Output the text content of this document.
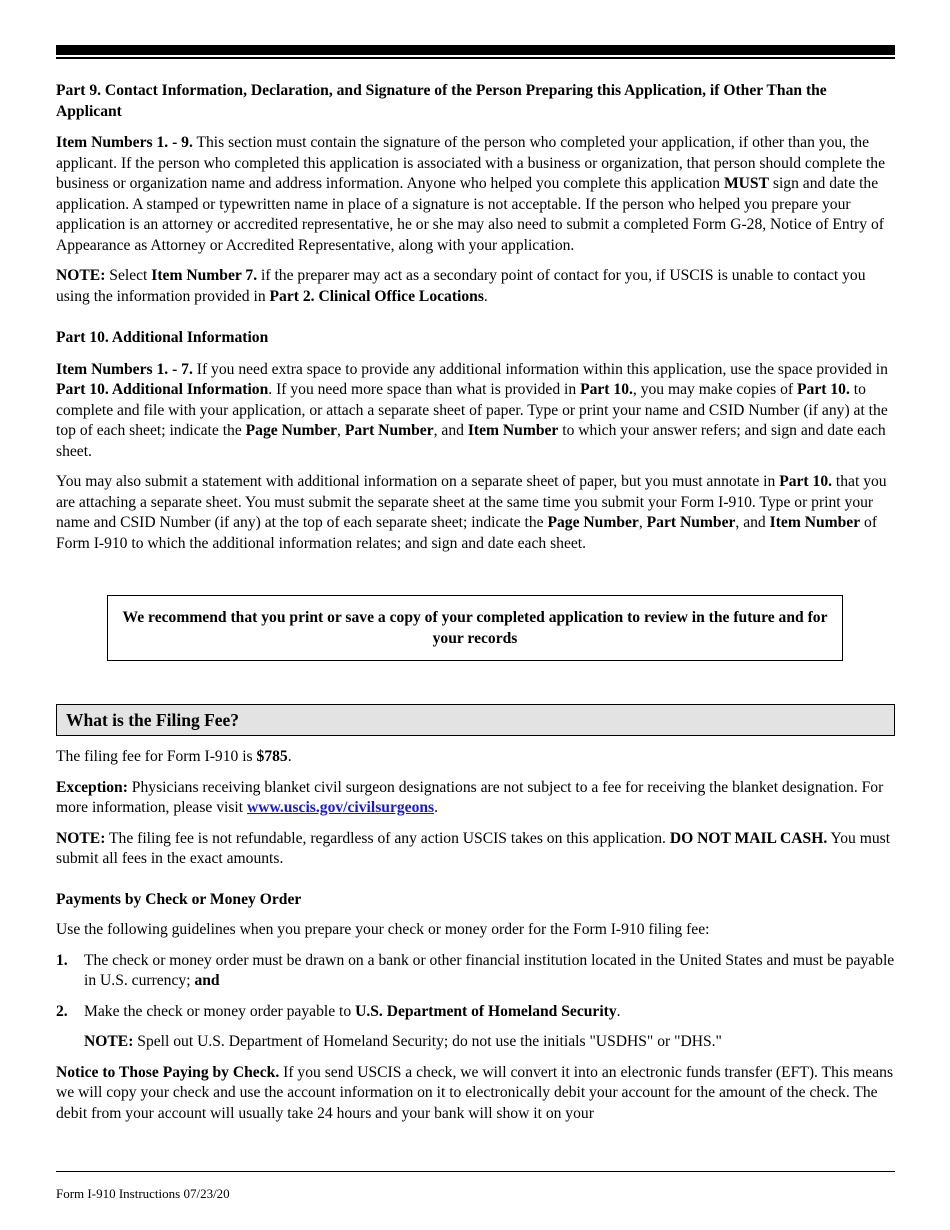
Part 9. Contact Information, Declaration, and Signature of the Person Preparing this Application, if Other Than the Applicant

Item Numbers 1. - 9. This section must contain the signature of the person who completed your application, if other than you, the applicant. If the person who completed this application is associated with a business or organization, that person should complete the business or organization name and address information. Anyone who helped you complete this application MUST sign and date the application. A stamped or typewritten name in place of a signature is not acceptable. If the person who helped you prepare your application is an attorney or accredited representative, he or she may also need to submit a completed Form G-28, Notice of Entry of Appearance as Attorney or Accredited Representative, along with your application.

NOTE: Select Item Number 7. if the preparer may act as a secondary point of contact for you, if USCIS is unable to contact you using the information provided in Part 2. Clinical Office Locations.

Part 10. Additional Information

Item Numbers 1. - 7. If you need extra space to provide any additional information within this application, use the space provided in Part 10. Additional Information. If you need more space than what is provided in Part 10., you may make copies of Part 10. to complete and file with your application, or attach a separate sheet of paper. Type or print your name and CSID Number (if any) at the top of each sheet; indicate the Page Number, Part Number, and Item Number to which your answer refers; and sign and date each sheet.

You may also submit a statement with additional information on a separate sheet of paper, but you must annotate in Part 10. that you are attaching a separate sheet. You must submit the separate sheet at the same time you submit your Form I-910. Type or print your name and CSID Number (if any) at the top of each separate sheet; indicate the Page Number, Part Number, and Item Number of Form I-910 to which the additional information relates; and sign and date each sheet.

We recommend that you print or save a copy of your completed application to review in the future and for your records
What is the Filing Fee?

The filing fee for Form I-910 is $785.

Exception: Physicians receiving blanket civil surgeon designations are not subject to a fee for receiving the blanket designation. For more information, please visit www.uscis.gov/civilsurgeons.

NOTE: The filing fee is not refundable, regardless of any action USCIS takes on this application. DO NOT MAIL CASH. You must submit all fees in the exact amounts.

Payments by Check or Money Order

Use the following guidelines when you prepare your check or money order for the Form I-910 filing fee:

1. The check or money order must be drawn on a bank or other financial institution located in the United States and must be payable in U.S. currency; and
2. Make the check or money order payable to U.S. Department of Homeland Security.

NOTE: Spell out U.S. Department of Homeland Security; do not use the initials "USDHS" or "DHS."

Notice to Those Paying by Check. If you send USCIS a check, we will convert it into an electronic funds transfer (EFT). This means we will copy your check and use the account information on it to electronically debit your account for the amount of the check. The debit from your account will usually take 24 hours and your bank will show it on your

Form I-910 Instructions 07/23/20
